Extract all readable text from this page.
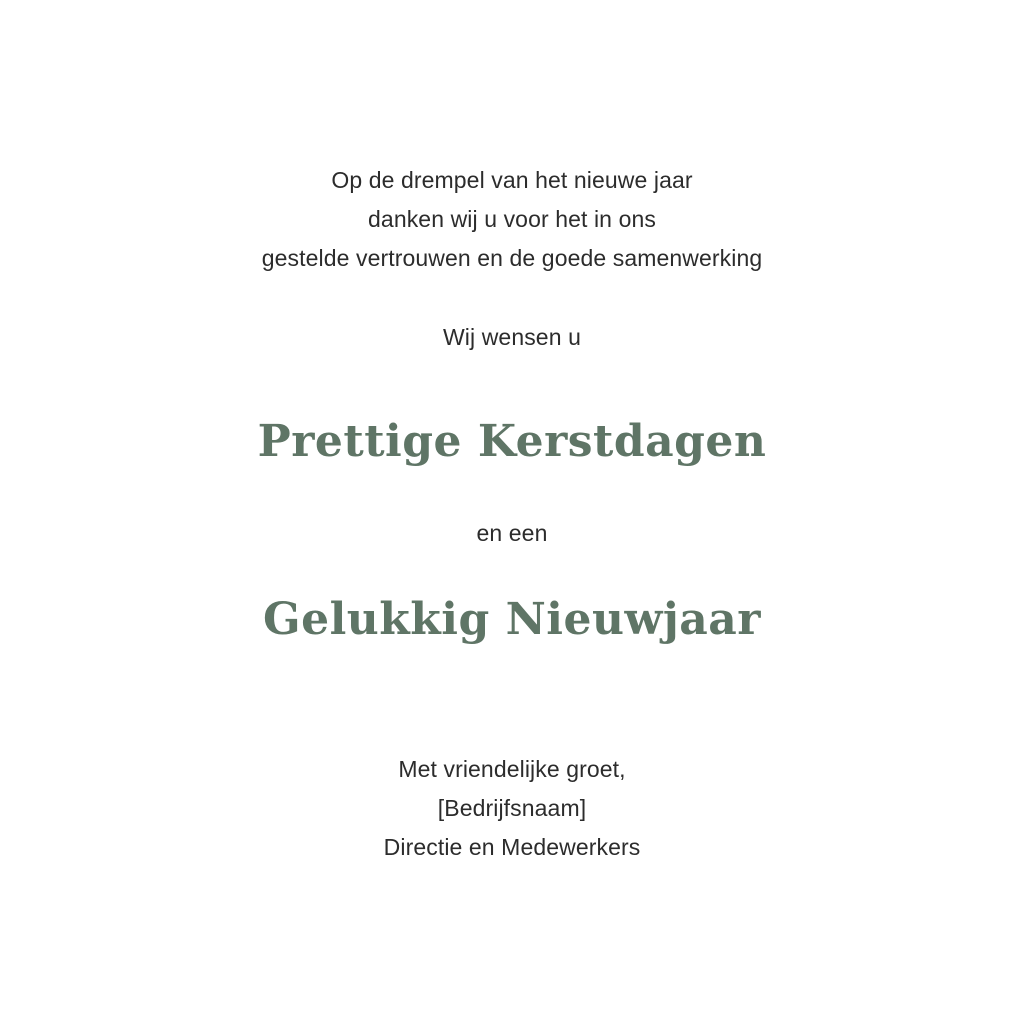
Op de drempel van het nieuwe jaar
danken wij u voor het in ons
gestelde vertrouwen en de goede samenwerking
Wij wensen u
Prettige Kerstdagen
en een
Gelukkig Nieuwjaar
Met vriendelijke groet,
[Bedrijfsnaam]
Directie en Medewerkers
